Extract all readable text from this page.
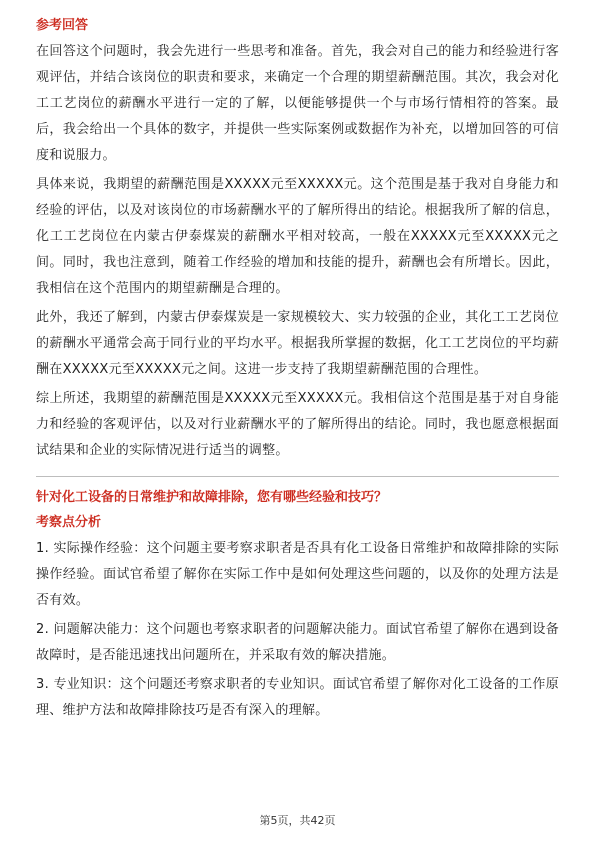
参考回答

在回答这个问题时，我会先进行一些思考和准备。首先，我会对自己的能力和经验进行客观评估，并结合该岗位的职责和要求，来确定一个合理的期望薪酬范围。其次，我会对化工工艺岗位的薪酬水平进行一定的了解，以便能够提供一个与市场行情相符的答案。最后，我会给出一个具体的数字，并提供一些实际案例或数据作为补充，以增加回答的可信度和说服力。

具体来说，我期望的薪酬范围是XXXXX元至XXXXX元。这个范围是基于我对自身能力和经验的评估，以及对该岗位的市场薪酬水平的了解所得出的结论。根据我所了解的信息，化工工艺岗位在内蒙古伊泰煤炭的薪酬水平相对较高，一般在XXXXX元至XXXXX元之间。同时，我也注意到，随着工作经验的增加和技能的提升，薪酬也会有所增长。因此，我相信在这个范围内的期望薪酬是合理的。

此外，我还了解到，内蒙古伊泰煤炭是一家规模较大、实力较强的企业，其化工工艺岗位的薪酬水平通常会高于同行业的平均水平。根据我所掌握的数据，化工工艺岗位的平均薪酬在XXXXX元至XXXXX元之间。这进一步支持了我期望薪酬范围的合理性。

综上所述，我期望的薪酬范围是XXXXX元至XXXXX元。我相信这个范围是基于对自身能力和经验的客观评估，以及对行业薪酬水平的了解所得出的结论。同时，我也愿意根据面试结果和企业的实际情况进行适当的调整。

针对化工设备的日常维护和故障排除，您有哪些经验和技巧？
考察点分析

1. 实际操作经验：这个问题主要考察求职者是否具有化工设备日常维护和故障排除的实际操作经验。面试官希望了解你在实际工作中是如何处理这些问题的，以及你的处理方法是否有效。

2. 问题解决能力：这个问题也考察求职者的问题解决能力。面试官希望了解你在遇到设备故障时，是否能迅速找出问题所在，并采取有效的解决措施。

3. 专业知识：这个问题还考察求职者的专业知识。面试官希望了解你对化工设备的工作原理、维护方法和故障排除技巧是否有深入的理解。

第5页，共42页
